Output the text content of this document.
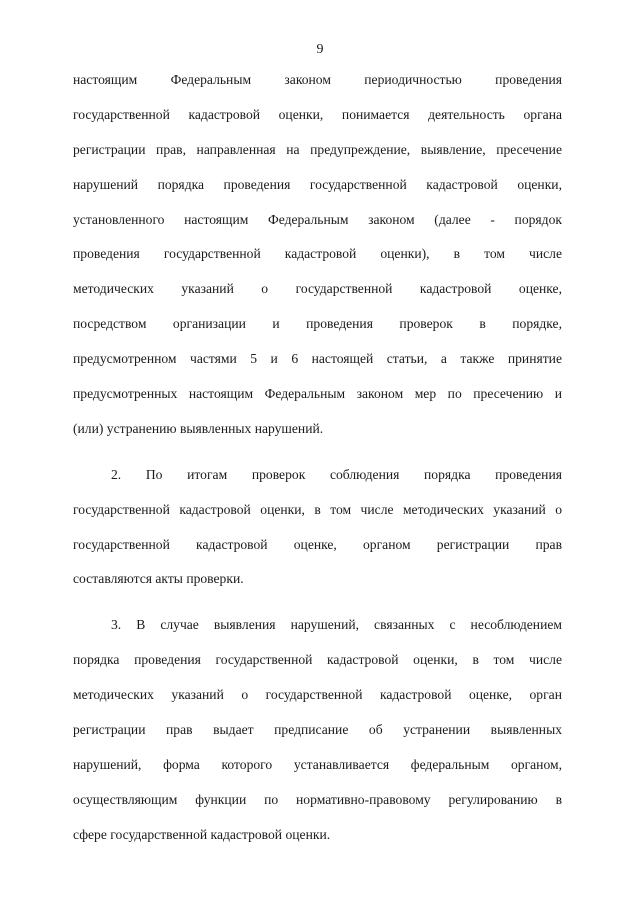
9
настоящим Федеральным законом периодичностью проведения
государственной кадастровой оценки, понимается деятельность органа
регистрации прав, направленная на предупреждение, выявление, пресечение
нарушений порядка проведения государственной кадастровой оценки,
установленного настоящим Федеральным законом (далее - порядок
проведения государственной кадастровой оценки), в том числе
методических указаний о государственной кадастровой оценке,
посредством организации и проведения проверок в порядке,
предусмотренном частями 5 и 6 настоящей статьи, а также принятие
предусмотренных настоящим Федеральным законом мер по пресечению и
(или) устранению выявленных нарушений.
2. По итогам проверок соблюдения порядка проведения
государственной кадастровой оценки, в том числе методических указаний о
государственной кадастровой оценке, органом регистрации прав
составляются акты проверки.
3. В случае выявления нарушений, связанных с несоблюдением
порядка проведения государственной кадастровой оценки, в том числе
методических указаний о государственной кадастровой оценке, орган
регистрации прав выдает предписание об устранении выявленных
нарушений, форма которого устанавливается федеральным органом,
осуществляющим функции по нормативно-правовому регулированию в
сфере государственной кадастровой оценки.
